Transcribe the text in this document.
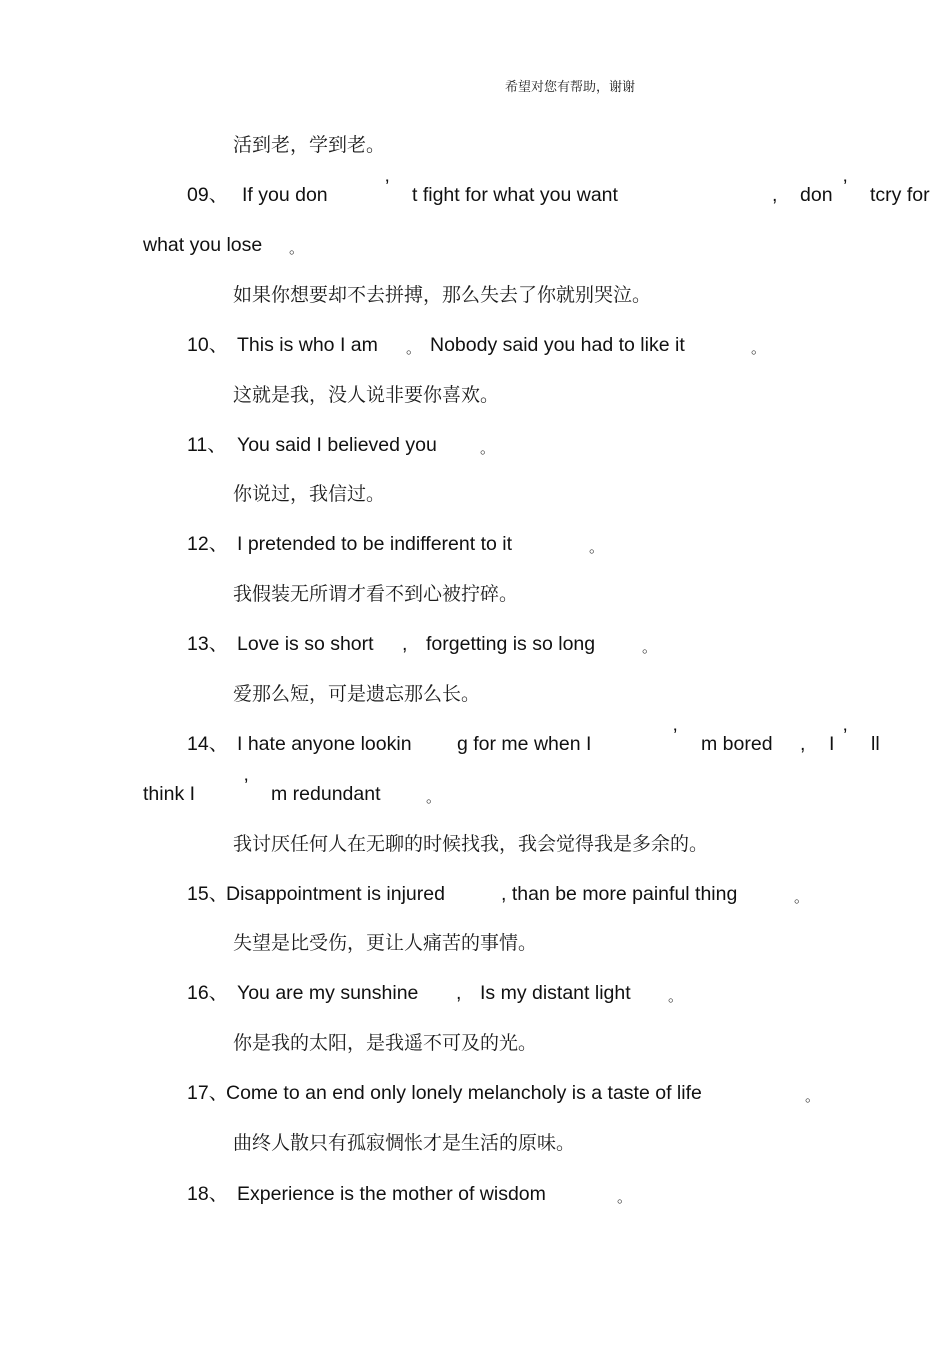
希望对您有帮助，谢谢
活到老，学到老。
09、 If you don	’ t fight for what you want	, don ’ tcry for
what you lose 。
如果你想要却不去拼搏，那么失去了你就别哭泣。
10、 This is who I am 。 Nobody said you had to like it	。
这就是我，没人说非要你喜欢。
11、 You said I believed you	。
你说过，我信过。
12、 I pretended to be indifferent to it	。
我假装无所谓才看不到心被拧碎。
13、 Love is so short , forgetting is so long	。
爱那么短，可是遗忘那么长。
14、 I hate anyone lookin g for me when I	’ m bored , I ’ ll
think I	’ m redundant	。
我讨厌任何人在无聊的时候找我，我会觉得我是多余的。
15、
Disappointment is injured	, than be more painful thing	。
失望是比受伤，更让人痛苦的事情。
16、 You are my sunshine , Is my distant light 。
你是我的太阳，是我遥不可及的光。
17、
Come to an end only lonely melancholy is a taste of life	。
曲终人散只有孤寂惆怅才是生活的原味。
18、 Experience is the mother of wisdom	。
